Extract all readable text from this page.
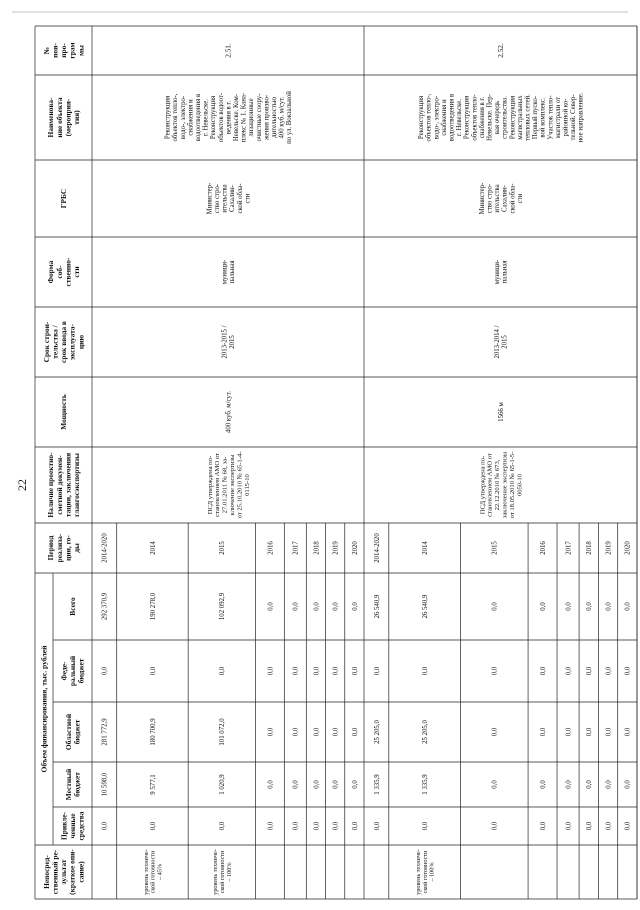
№пои-про-граммы
Наименова-ние объекта(мероприя-тия)
ГРБС
Формасоб-ственно-сти
Срок строи-тельства /срок ввода вэксплуата-цию
Мощность
Наличие проектно-сметной докумен-тации, заключенияглавгосэкспертизы
Периодреализа-ции, го-ды
Всего
Феде-ральныйбюджет
Областнойбюджет
Местныйбюджет
Привле-ченныесредства
Непосред-ственный ре-зультат(краткое опи-сание)
Объем финансирования, тыс. рублей
2.51.
Реконструкцияобъектов тепло-,водо-, электро-снабжения иводоотведения вг. Невельске.Реконструкцияобъектов водоот-ведения в г.Невельске. Ком-плекс № 1. Кана-лизационныеочистные соору-жения произво-дительностью400 куб. м/сут.по ул. Вокзальной
Министер-ство стро-ительстваСахалин-ской обла-сти
муници-пальная
2013-2015 /2015
400 куб. м/сут.
ПСД утверждена по-становлением АМО от27.01.2011 № 68, за-ключение экспертизыот 25.10.2010 № 65-1-4-0115-10
2014-2020
292 370,9
0,0
281 772,9
10 598,0
0,0
2014
190 278,0
0,0
180 700,9
9 577,1
0,0
уровень техниче-ской готовности– 45%
2015
102 092,9
0,0
101 072,0
1 020,9
0,0
уровень техниче-ской готовности– 100%
2016
0,0
0,0
0,0
0,0
0,0
2017
0,0
0,0
0,0
0,0
0,0
2018
0,0
0,0
0,0
0,0
0,0
2019
0,0
0,0
0,0
0,0
0,0
2020
0,0
0,0
0,0
0,0
0,0
2.52.
Реконструкцияобъектов тепло-,водо-, электро-снабжения иводоотведения вг. Невельске.Реконструкцияобъектов тепло-снабжения в г.Невельске. Пер-вая очередьстроительства.Реконструкциямагистральныхтепловых сетей.Первый пуско-вой комплекс.Участок тепло-магистрали отрайонной ко-тельной. Север-ное направление.
Министер-ство стро-ительстваСахалин-ской обла-сти
муници-пальная
2013-2014 /2015
1566 м
ПСД утверждена по-становлением АМО от22.12.2010 № 673,заключение экспертизыот 18.05.2010 № 65-1-5-0050-10
2014-2020
26 540,9
0,0
25 205,0
1 335,9
0,0
2014
26 540,9
0,0
25 205,0
1 335,9
0,0
уровень техниче-ской готовности– 100%
2015
0,0
0,0
0,0
0,0
0,0
2016
0,0
0,0
0,0
0,0
0,0
2017
0,0
0,0
0,0
0,0
0,0
2018
0,0
0,0
0,0
0,0
0,0
2019
0,0
0,0
0,0
0,0
0,0
2020
0,0
0,0
0,0
0,0
0,0
22
